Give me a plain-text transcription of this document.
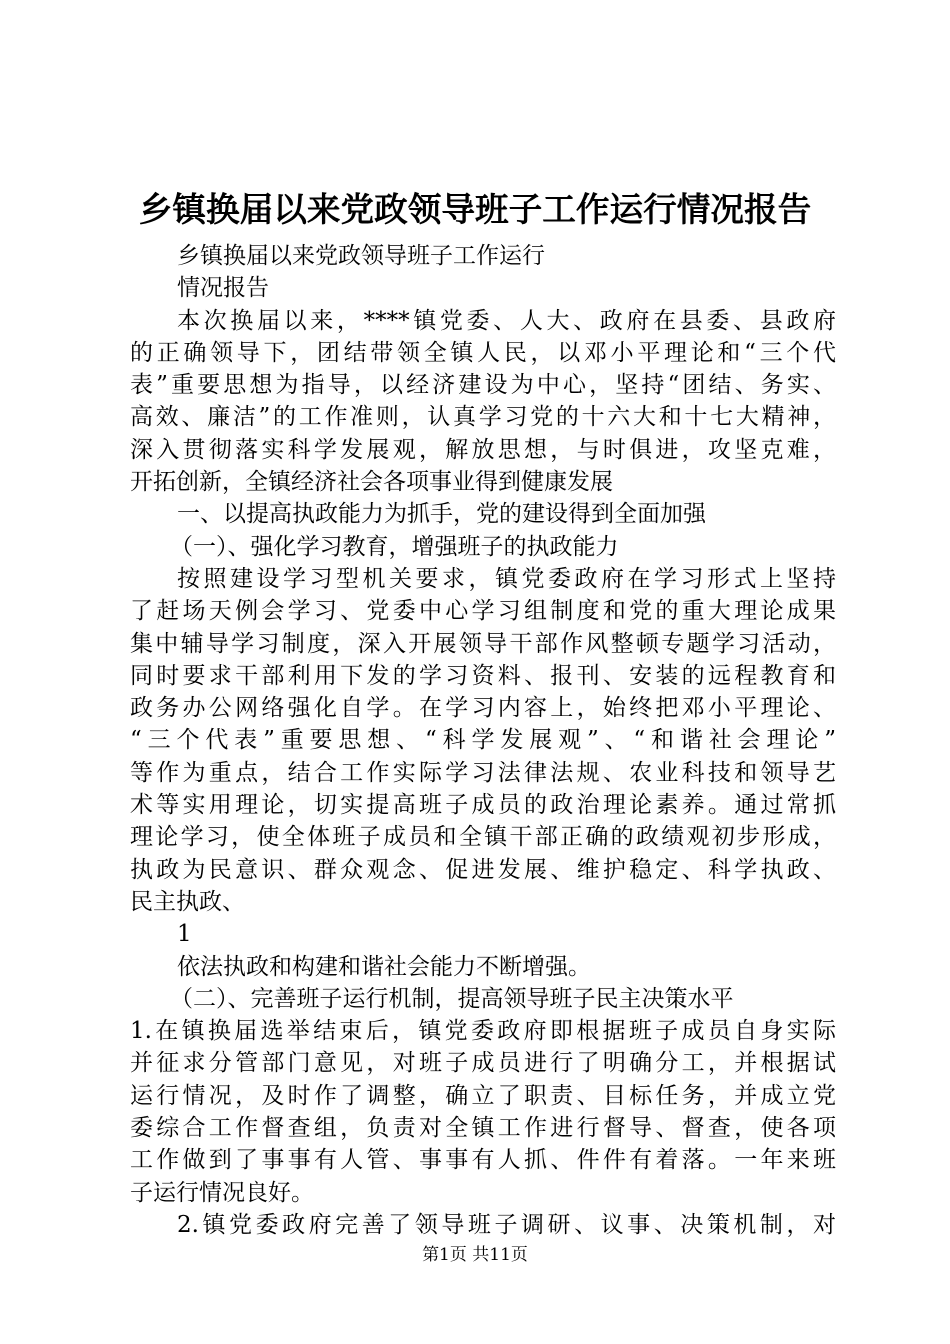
乡镇换届以来党政领导班子工作运行情况报告
乡镇换届以来党政领导班子工作运行
情况报告
本次换届以来，****镇党委、人大、政府在县委、县政府
的正确领导下，团结带领全镇人民，以邓小平理论和“三个代
表”重要思想为指导，以经济建设为中心，坚持“团结、务实、
高效、廉洁”的工作准则，认真学习党的十六大和十七大精神，
深入贯彻落实科学发展观，解放思想，与时俱进，攻坚克难，
开拓创新，全镇经济社会各项事业得到健康发展
一、以提高执政能力为抓手，党的建设得到全面加强
（一）、强化学习教育，增强班子的执政能力
按照建设学习型机关要求，镇党委政府在学习形式上坚持
了赶场天例会学习、党委中心学习组制度和党的重大理论成果
集中辅导学习制度，深入开展领导干部作风整顿专题学习活动，
同时要求干部利用下发的学习资料、报刊、安装的远程教育和
政务办公网络强化自学。在学习内容上，始终把邓小平理论、
“三个代表”重要思想、“科学发展观”、“和谐社会理论”
等作为重点，结合工作实际学习法律法规、农业科技和领导艺
术等实用理论，切实提高班子成员的政治理论素养。通过常抓
理论学习，使全体班子成员和全镇干部正确的政绩观初步形成，
执政为民意识、群众观念、促进发展、维护稳定、科学执政、
民主执政、
1
依法执政和构建和谐社会能力不断增强。
（二）、完善班子运行机制，提高领导班子民主决策水平
1.在镇换届选举结束后，镇党委政府即根据班子成员自身实际
并征求分管部门意见，对班子成员进行了明确分工，并根据试
运行情况，及时作了调整，确立了职责、目标任务，并成立党
委综合工作督查组，负责对全镇工作进行督导、督查，使各项
工作做到了事事有人管、事事有人抓、件件有着落。一年来班
子运行情况良好。
2.镇党委政府完善了领导班子调研、议事、决策机制，对
第1页 共11页
